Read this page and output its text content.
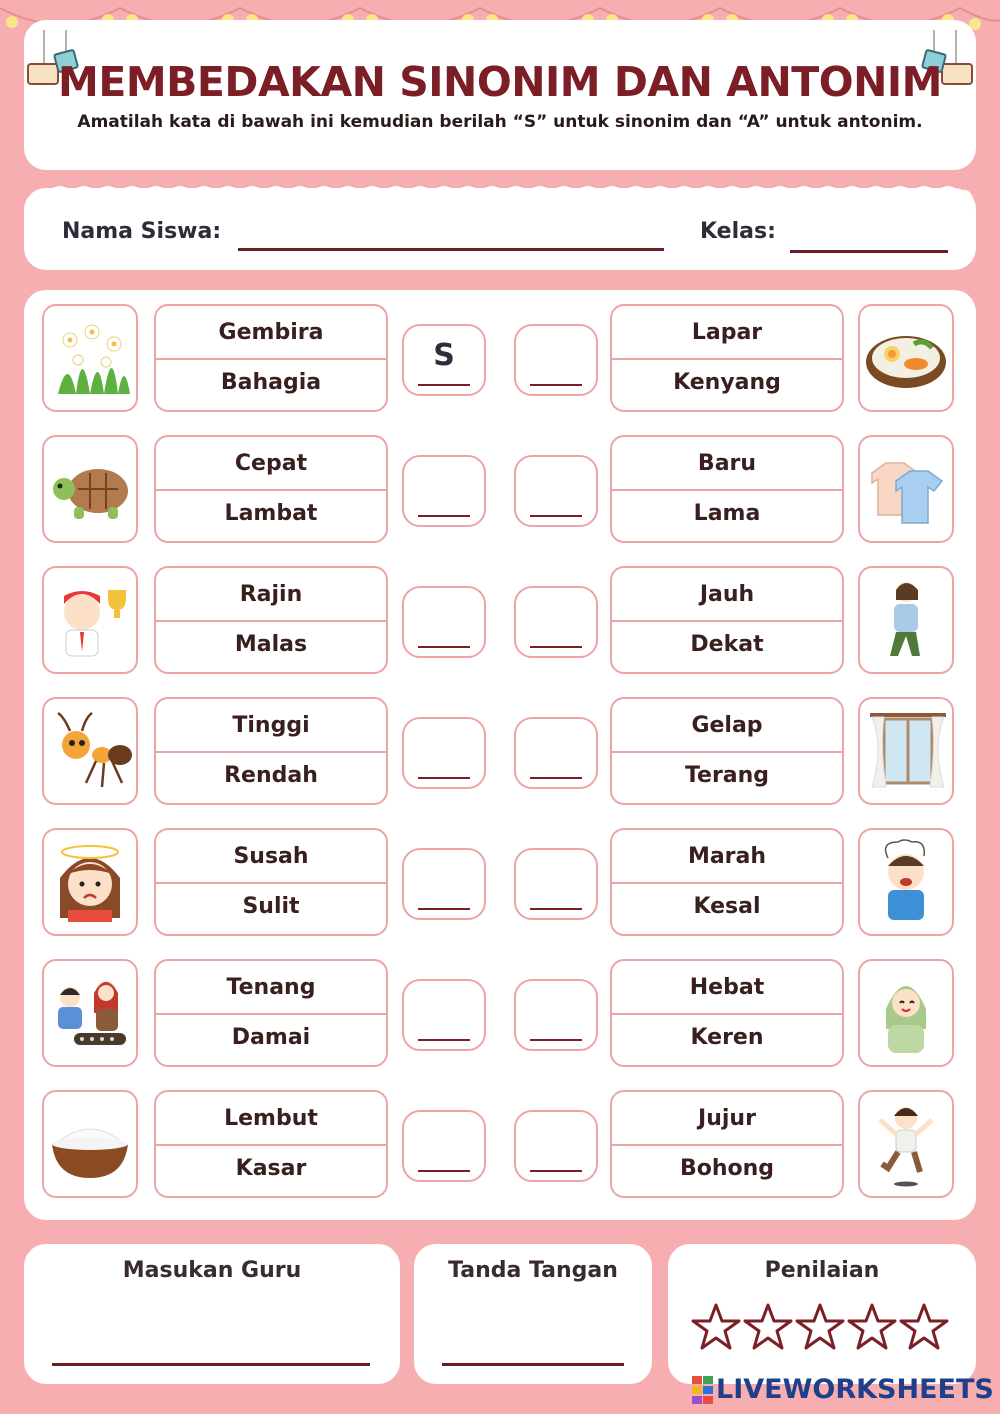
MEMBEDAKAN SINONIM DAN ANTONIM
Amatilah kata di bawah ini kemudian berilah “S” untuk sinonim dan “A” untuk antonim.
Nama Siswa:	Kelas:
Gembira
Bahagia
S
Lapar
Kenyang
Cepat
Lambat
Baru
Lama
Rajin
Malas
Jauh
Dekat
Tinggi
Rendah
Gelap
Terang
Susah
Sulit
Marah
Kesal
Tenang
Damai
Hebat
Keren
Lembut
Kasar
Jujur
Bohong
Masukan Guru	Tanda Tangan	Penilaian
LIVEWORKSHEETS
